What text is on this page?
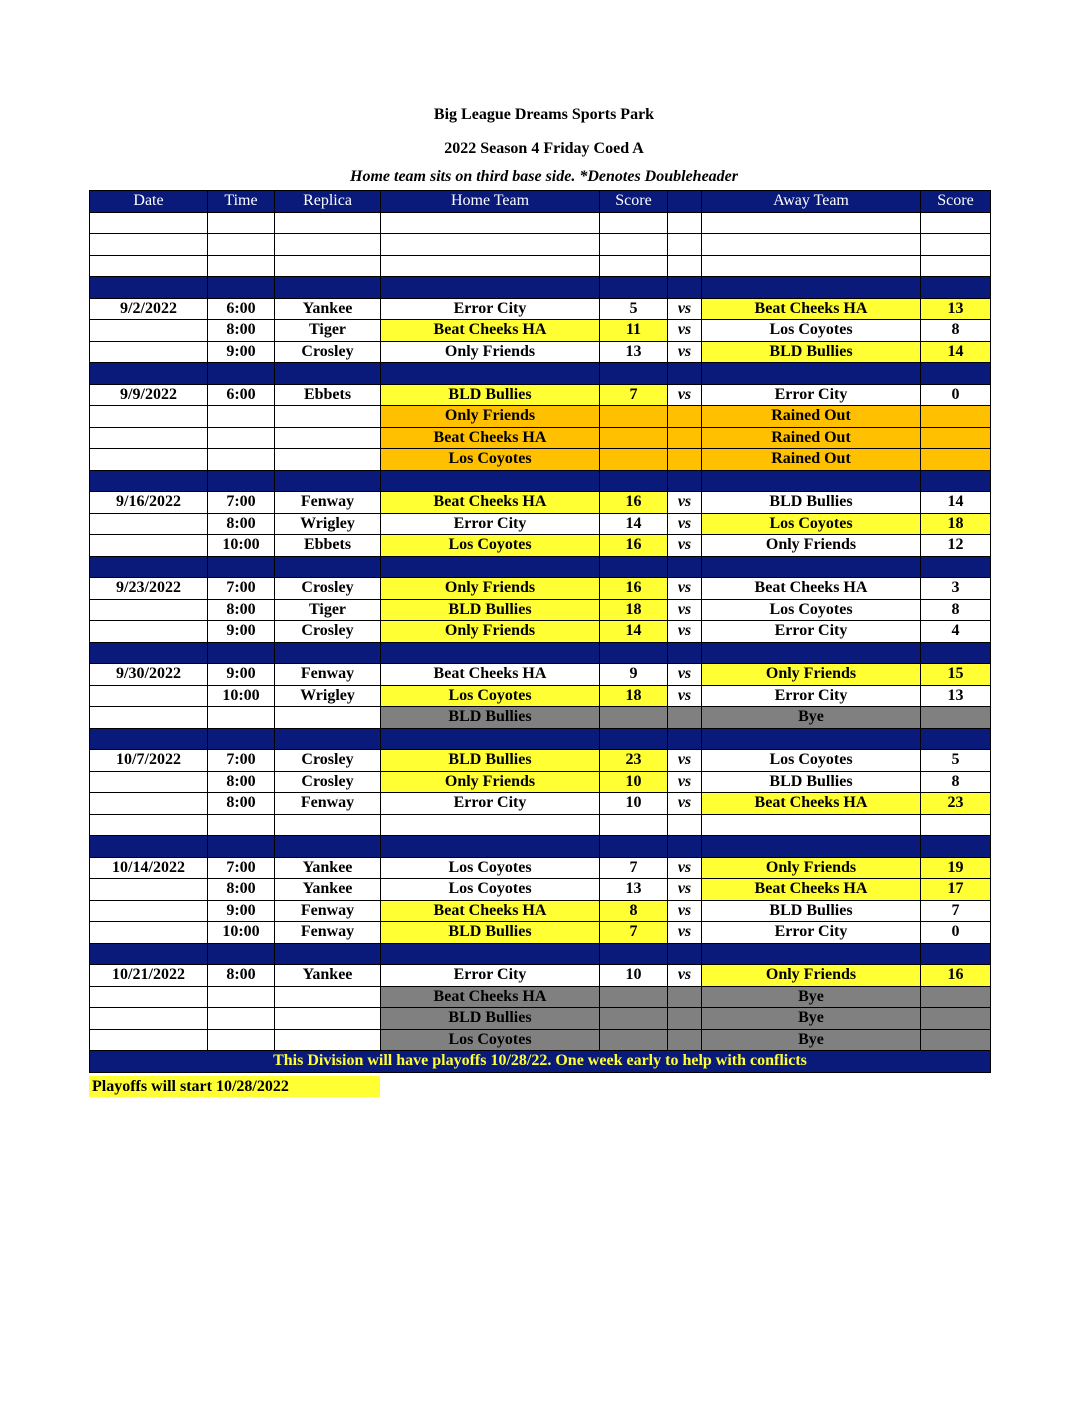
Big League Dreams Sports Park
2022 Season 4 Friday Coed A
Home team sits on third base side. *Denotes Doubleheader
Date	Time	Replica	Home Team	Score		Away Team	Score

9/2/2022	6:00	Yankee	Error City	5	vs	Beat Cheeks HA	13
	8:00	Tiger	Beat Cheeks HA	11	vs	Los Coyotes	8
	9:00	Crosley	Only Friends	13	vs	BLD Bullies	14

9/9/2022	6:00	Ebbets	BLD Bullies	7	vs	Error City	0
			Only Friends			Rained Out	
			Beat Cheeks HA			Rained Out	
			Los Coyotes			Rained Out	

9/16/2022	7:00	Fenway	Beat Cheeks HA	16	vs	BLD Bullies	14
	8:00	Wrigley	Error City	14	vs	Los Coyotes	18
	10:00	Ebbets	Los Coyotes	16	vs	Only Friends	12

9/23/2022	7:00	Crosley	Only Friends	16	vs	Beat Cheeks HA	3
	8:00	Tiger	BLD Bullies	18	vs	Los Coyotes	8
	9:00	Crosley	Only Friends	14	vs	Error City	4

9/30/2022	9:00	Fenway	Beat Cheeks HA	9	vs	Only Friends	15
	10:00	Wrigley	Los Coyotes	18	vs	Error City	13
			BLD Bullies			Bye	

10/7/2022	7:00	Crosley	BLD Bullies	23	vs	Los Coyotes	5
	8:00	Crosley	Only Friends	10	vs	BLD Bullies	8
	8:00	Fenway	Error City	10	vs	Beat Cheeks HA	23

10/14/2022	7:00	Yankee	Los Coyotes	7	vs	Only Friends	19
	8:00	Yankee	Los Coyotes	13	vs	Beat Cheeks HA	17
	9:00	Fenway	Beat Cheeks HA	8	vs	BLD Bullies	7
	10:00	Fenway	BLD Bullies	7	vs	Error City	0

10/21/2022	8:00	Yankee	Error City	10	vs	Only Friends	16
			Beat Cheeks HA			Bye	
			BLD Bullies			Bye	
			Los Coyotes			Bye	
This Division will have playoffs 10/28/22. One week early to help with conflicts							
Playoffs will start 10/28/2022
